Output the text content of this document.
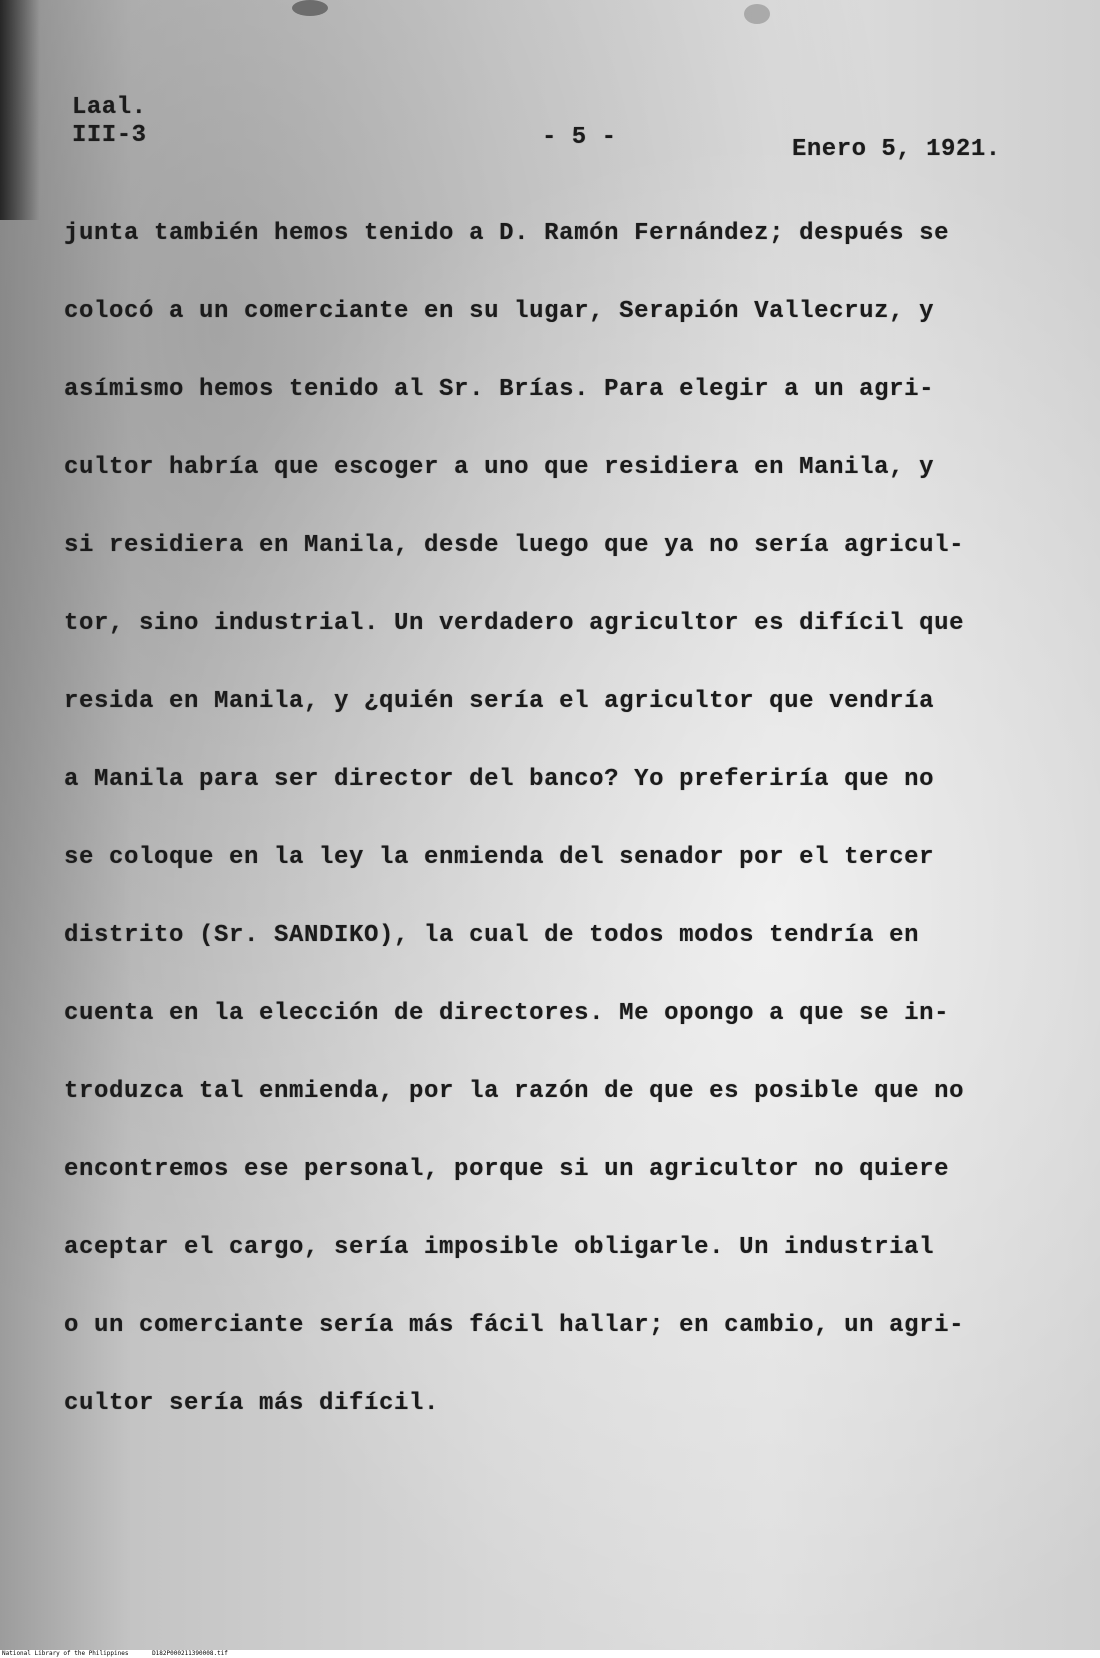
Laal.
III-3	- 5 -	Enero 5, 1921.
junta también hemos tenido a D. Ramón Fernández; después se
colocó a un comerciante en su lugar, Serapión Vallecruz, y
asímismo hemos tenido al Sr. Brías. Para elegir a un agri-
cultor habría que escoger a uno que residiera en Manila, y
si residiera en Manila, desde luego que ya no sería agricul-
tor, sino industrial. Un verdadero agricultor es difícil que
resida en Manila, y ¿quién sería el agricultor que vendría
a Manila para ser director del banco? Yo preferiría que no
se coloque en la ley la enmienda del senador por el tercer
distrito (Sr. SANDIKO), la cual de todos modos tendría en
cuenta en la elección de directores. Me opongo a que se in-
troduzca tal enmienda, por la razón de que es posible que no
encontremos ese personal, porque si un agricultor no quiere
aceptar el cargo, sería imposible obligarle. Un industrial
o un comerciante sería más fácil hallar; en cambio, un agri-
cultor sería más difícil.
National Library of the Philippines	D182P000211390008.tif
